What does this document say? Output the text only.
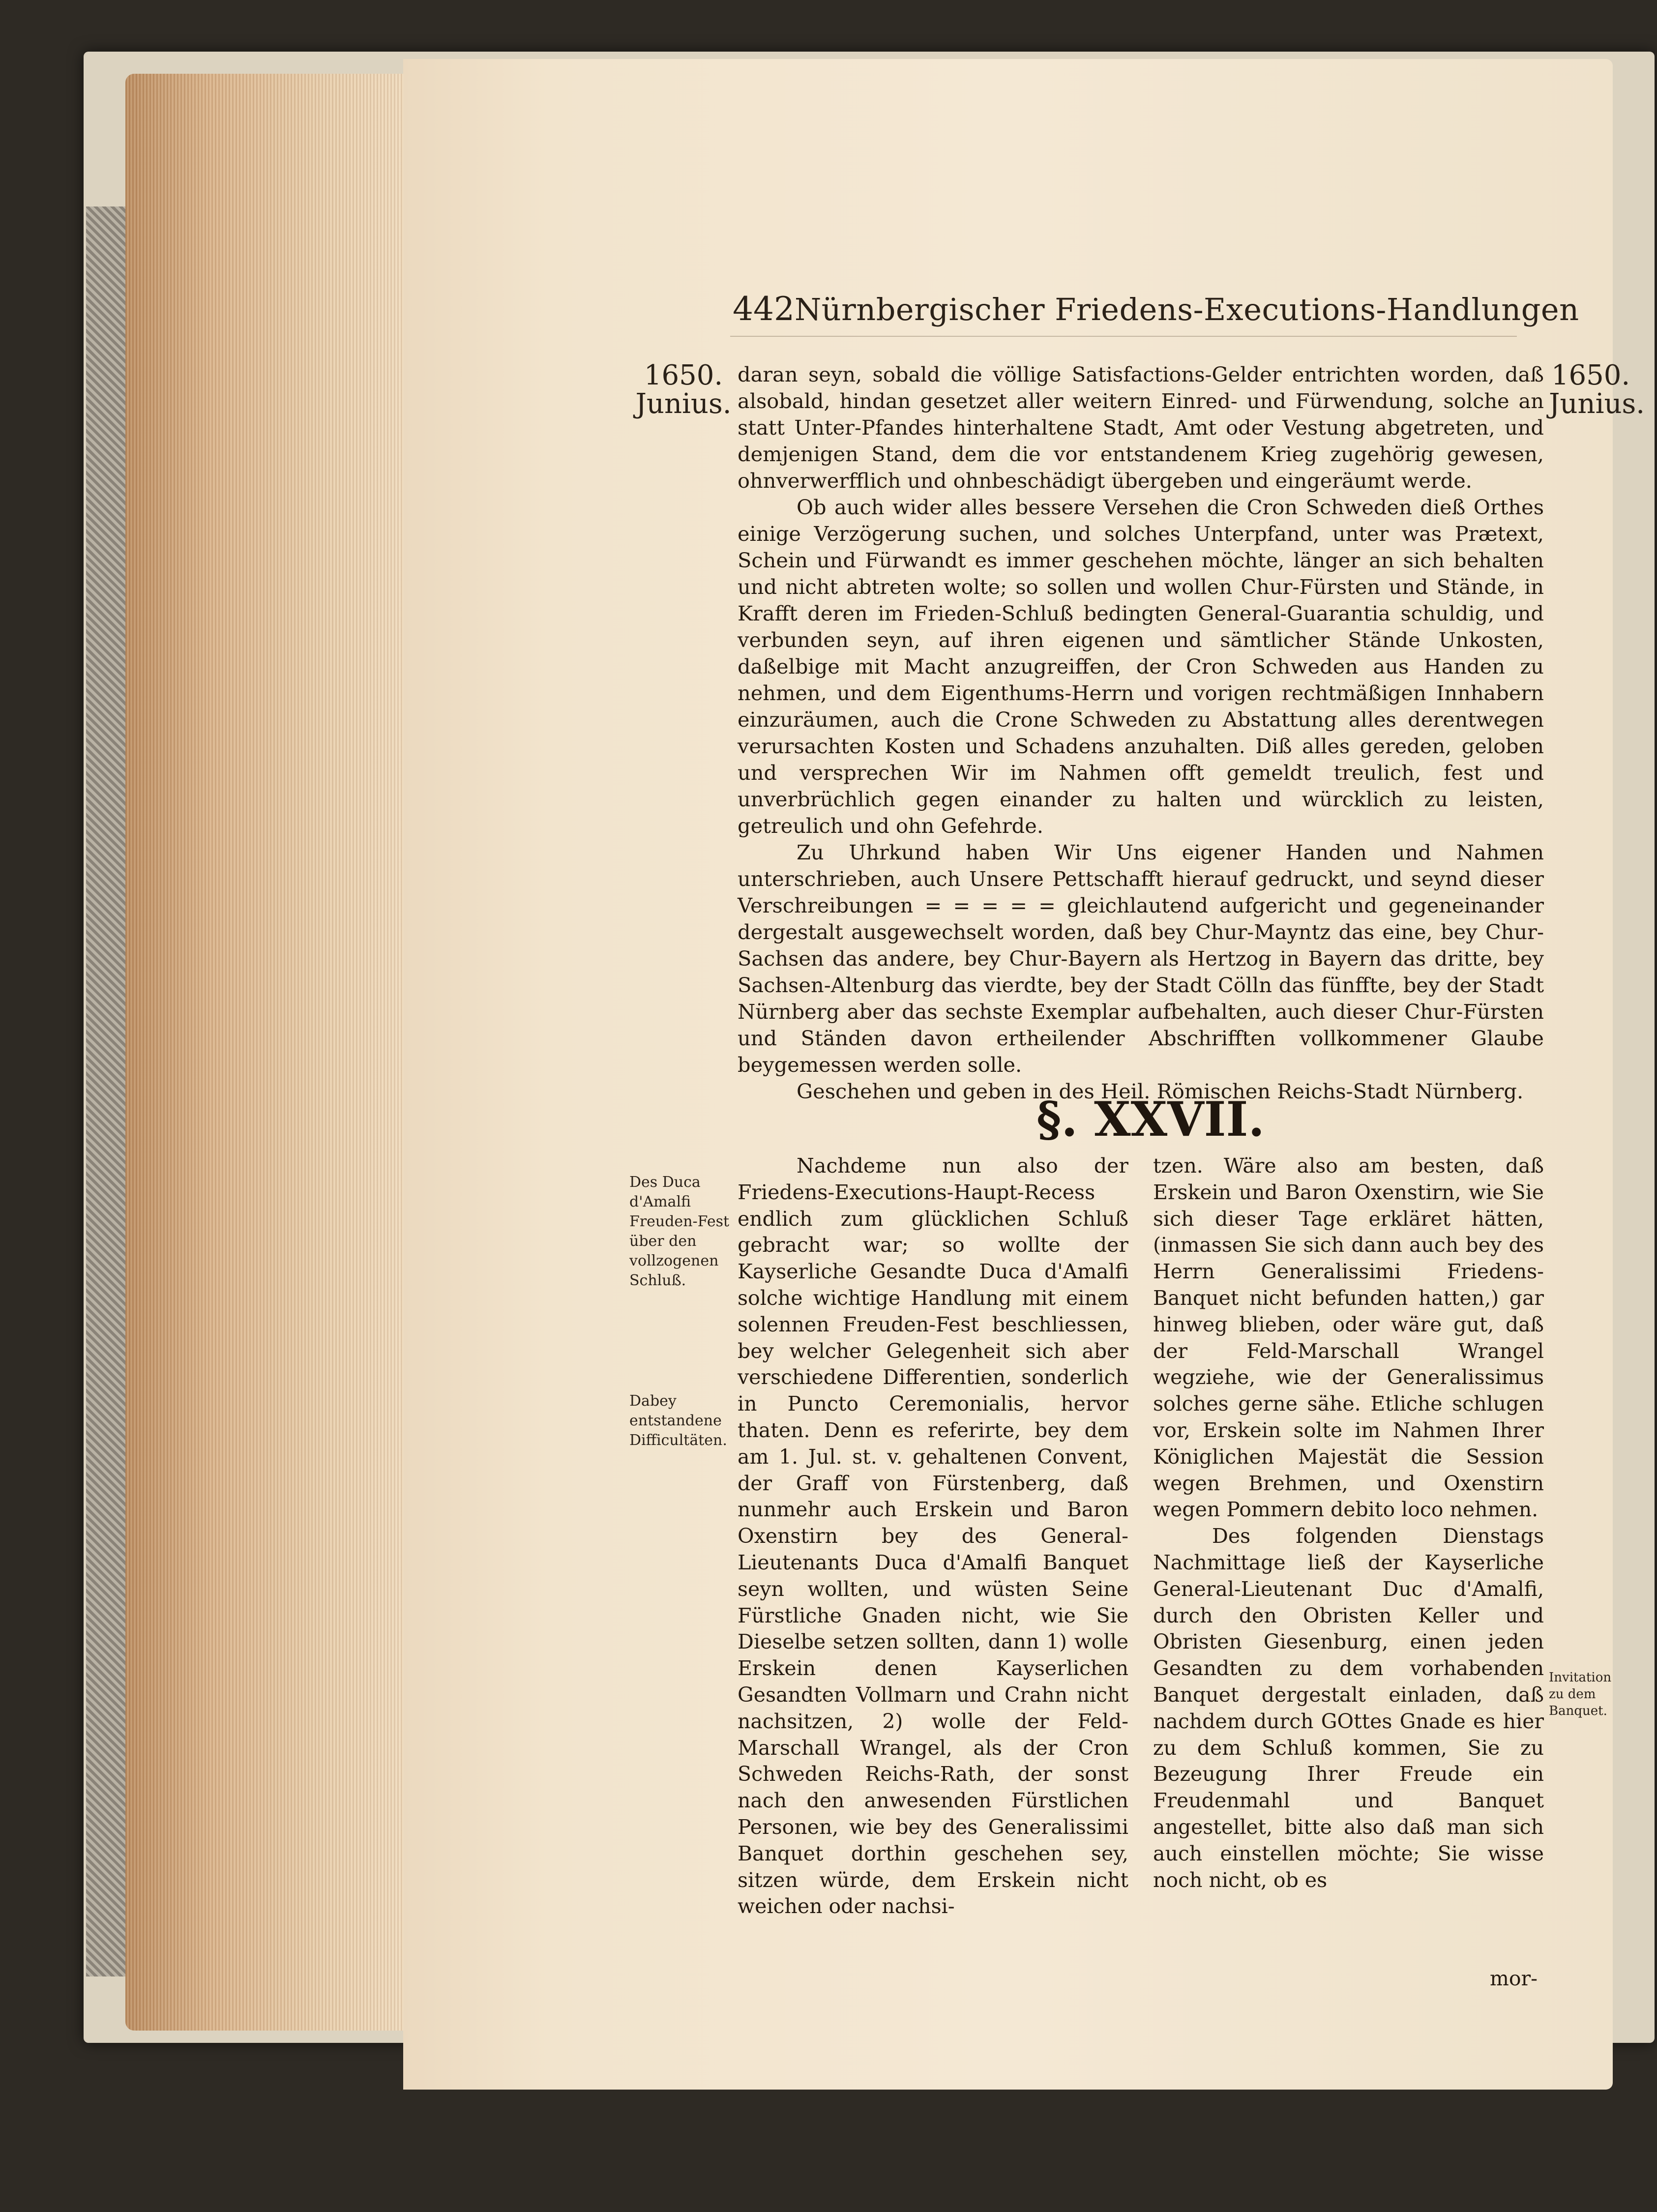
442 Nürnbergischer Friedens-Executions-Handlungen
1650.
Junius.
1650.
Junius.

daran seyn, sobald die völlige Satisfactions-Gelder entrichten worden, daß alsobald, hindan gesetzet aller weitern Einred- und Fürwendung, solche an statt Unter-Pfandes hinterhaltene Stadt, Amt oder Vestung abgetreten, und demjenigen Stand, dem die vor entstandenem Krieg zugehörig gewesen, ohnverwerfflich und ohnbeschädigt übergeben und eingeräumt werde.

Ob auch wider alles bessere Versehen die Cron Schweden dieß Orthes einige Verzögerung suchen, und solches Unterpfand, unter was Prætext, Schein und Fürwandt es immer geschehen möchte, länger an sich behalten und nicht abtreten wolte; so sollen und wollen Chur-Fürsten und Stände, in Krafft deren im Frieden-Schluß bedingten General-Guarantia schuldig, und verbunden seyn, auf ihren eigenen und sämtlicher Stände Unkosten, daßelbige mit Macht anzugreiffen, der Cron Schweden aus Handen zu nehmen, und dem Eigenthums-Herrn und vorigen rechtmäßigen Innhabern einzuräumen, auch die Crone Schweden zu Abstattung alles derentwegen verursachten Kosten und Schadens anzuhalten. Diß alles gereden, geloben und versprechen Wir im Nahmen offt gemeldt treulich, fest und unverbrüchlich gegen einander zu halten und würcklich zu leisten, getreulich und ohn Gefehrde.

Zu Uhrkund haben Wir Uns eigener Handen und Nahmen unterschrieben, auch Unsere Pettschafft hierauf gedruckt, und seynd dieser Verschreibungen = = = = = gleichlautend aufgericht und gegeneinander dergestalt ausgewechselt worden, daß bey Chur-Mayntz das eine, bey Chur-Sachsen das andere, bey Chur-Bayern als Hertzog in Bayern das dritte, bey Sachsen-Altenburg das vierdte, bey der Stadt Cölln das fünffte, bey der Stadt Nürnberg aber das sechste Exemplar aufbehalten, auch dieser Chur-Fürsten und Ständen davon ertheilender Abschrifften vollkommener Glaube beygemessen werden solle.

Geschehen und geben in des Heil. Römischen Reichs-Stadt Nürnberg.

§. XXVII.
Des Duca d'Amalfi Freuden-Fest über den vollzogenen Schluß.
Dabey entstandene Difficultäten.
Invitation zu dem Banquet.

Nachdeme nun also der Friedens-Executions-Haupt-Recess endlich zum glücklichen Schluß gebracht war; so wollte der Kayserliche Gesandte Duca d'Amalfi solche wichtige Handlung mit einem solennen Freuden-Fest beschliessen, bey welcher Gelegenheit sich aber verschiedene Differentien, sonderlich in Puncto Ceremonialis, hervor thaten. Denn es referirte, bey dem am 1. Jul. st. v. gehaltenen Convent, der Graff von Fürstenberg, daß nunmehr auch Erskein und Baron Oxenstirn bey des General-Lieutenants Duca d'Amalfi Banquet seyn wollten, und wüsten Seine Fürstliche Gnaden nicht, wie Sie Dieselbe setzen sollten, dann 1) wolle Erskein denen Kayserlichen Gesandten Vollmarn und Crahn nicht nachsitzen, 2) wolle der Feld-Marschall Wrangel, als der Cron Schweden Reichs-Rath, der sonst nach den anwesenden Fürstlichen Personen, wie bey des Generalissimi Banquet dorthin geschehen sey, sitzen würde, dem Erskein nicht weichen oder nachsi-

tzen. Wäre also am besten, daß Erskein und Baron Oxenstirn, wie Sie sich dieser Tage erkläret hätten, (inmassen Sie sich dann auch bey des Herrn Generalissimi Friedens-Banquet nicht befunden hatten,) gar hinweg blieben, oder wäre gut, daß der Feld-Marschall Wrangel wegziehe, wie der Generalissimus solches gerne sähe. Etliche schlugen vor, Erskein solte im Nahmen Ihrer Königlichen Majestät die Session wegen Brehmen, und Oxenstirn wegen Pommern debito loco nehmen.

Des folgenden Dienstags Nachmittage ließ der Kayserliche General-Lieutenant Duc d'Amalfi, durch den Obristen Keller und Obristen Giesenburg, einen jeden Gesandten zu dem vorhabenden Banquet dergestalt einladen, daß nachdem durch GOttes Gnade es hier zu dem Schluß kommen, Sie zu Bezeugung Ihrer Freude ein Freudenmahl und Banquet angestellet, bitte also daß man sich auch einstellen möchte; Sie wisse noch nicht, ob es

mor-
